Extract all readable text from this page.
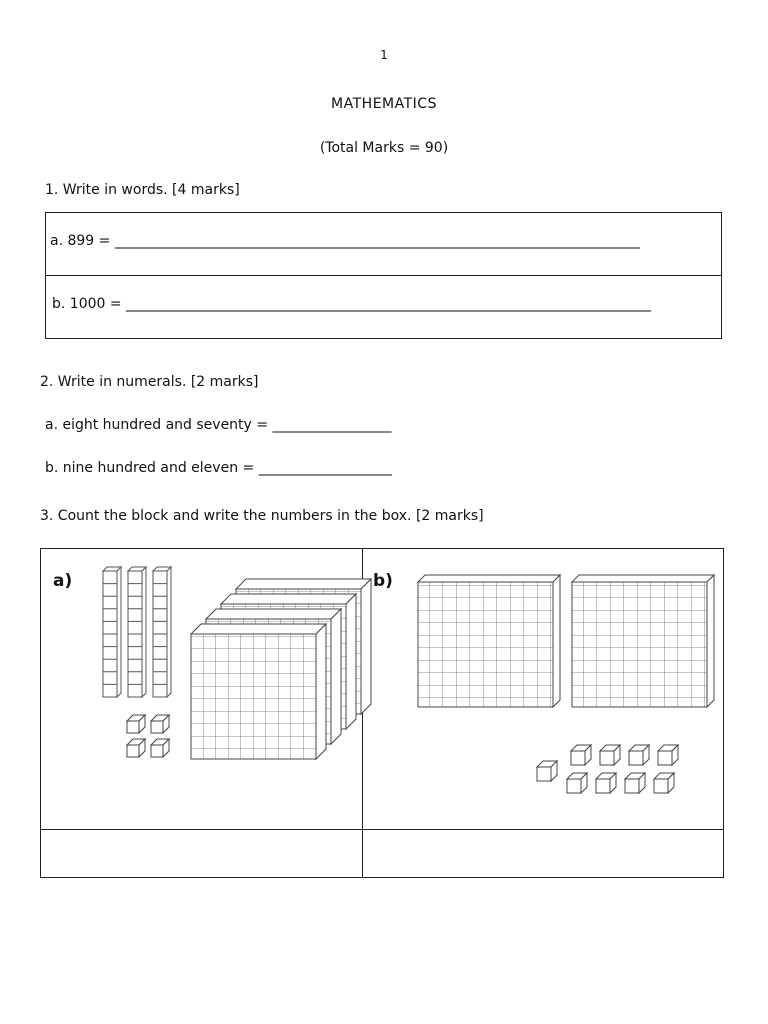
1
MATHEMATICS
(Total Marks = 90)
1. Write in words. [4 marks]
a. 899 = ___________________________________________________________________________
b. 1000 = ___________________________________________________________________________
2. Write in numerals. [2 marks]
a. eight hundred and seventy = _________________
b. nine hundred and eleven = ___________________
3. Count the block and write the numbers in the box. [2 marks]
a)	b)
